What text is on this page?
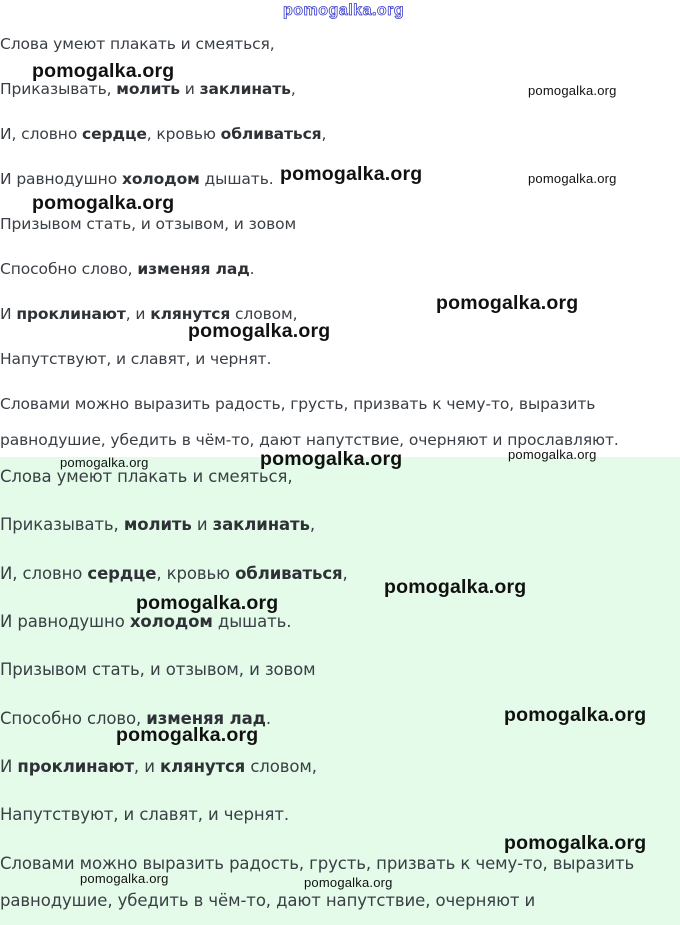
Слова умеют плакать и смеяться,
Приказывать, молить и заклинать,
И, словно сердце, кровью обливаться,
И равнодушно холодом дышать.
Призывом стать, и отзывом, и зовом
Способно слово, изменяя лад.
И проклинают, и клянутся словом,
Напутствуют, и славят, и чернят.
Словами можно выразить радость, грусть, призвать к чему-то, выразить
равнодушие, убедить в чём-то, дают напутствие, очерняют и прославляют.
Слова умеют плакать и смеяться,
Приказывать, молить и заклинать,
И, словно сердце, кровью обливаться,
И равнодушно холодом дышать.
Призывом стать, и отзывом, и зовом
Способно слово, изменяя лад.
И проклинают, и клянутся словом,
Напутствуют, и славят, и чернят.
Словами можно выразить радость, грусть, призвать к чему-то, выразить
равнодушие, убедить в чём-то, дают напутствие, очерняют и
pomogalka.org
pomogalka.org
pomogalka.org
pomogalka.org	pomogalka.org
pomogalka.org
pomogalka.org
pomogalka.org
pomogalka.org	pomogalka.org	pomogalka.org
pomogalka.org
pomogalka.org
pomogalka.org
pomogalka.org
pomogalka.org
pomogalka.org	pomogalka.org
